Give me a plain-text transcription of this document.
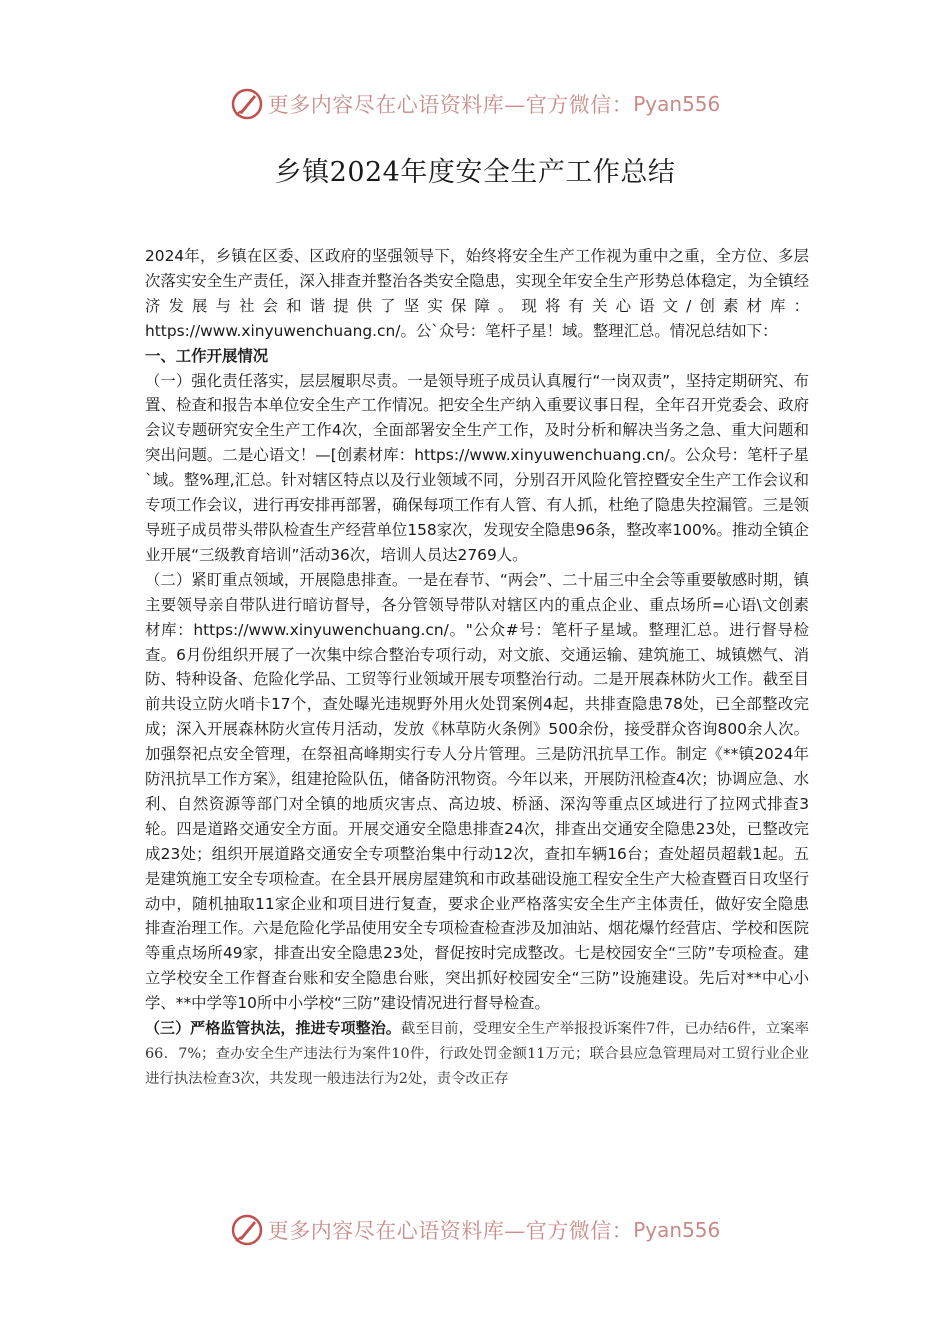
更多内容尽在心语资料库—官方微信： Pyan556
乡镇2024年度安全生产工作总结

2024年，乡镇在区委、区政府的坚强领导下，始终将安全生产工作视为重中之重，全方位、多层次落实安全生产责任，深入排查并整治各类安全隐患，实现全年安全生产形势总体稳定，为全镇经济发展与社会和谐提供了坚实保障。现将有关心语文/创素材库：https://www.xinyuwenchuang.cn/。公`众号：笔杆子星！域。整理汇总。情况总结如下：

一、工作开展情况

（一）强化责任落实，层层履职尽责。一是领导班子成员认真履行“一岗双责”，坚持定期研究、布置、检查和报告本单位安全生产工作情况。把安全生产纳入重要议事日程，全年召开党委会、政府会议专题研究安全生产工作4次，全面部署安全生产工作，及时分析和解决当务之急、重大问题和突出问题。二是心语文！—[创素材库：https://www.xinyuwenchuang.cn/。公众号：笔杆子星`域。整%理,汇总。针对辖区特点以及行业领域不同，分别召开风险化管控暨安全生产工作会议和专项工作会议，进行再安排再部署，确保每项工作有人管、有人抓，杜绝了隐患失控漏管。三是领导班子成员带头带队检查生产经营单位158家次，发现安全隐患96条，整改率100%。推动全镇企业开展“三级教育培训”活动36次，培训人员达2769人。

（二）紧盯重点领域，开展隐患排查。一是在春节、“两会”、二十届三中全会等重要敏感时期，镇主要领导亲自带队进行暗访督导，各分管领导带队对辖区内的重点企业、重点场所=心语\文创素材库：https://www.xinyuwenchuang.cn/。"公众#号：笔杆子星域。整理汇总。进行督导检查。6月份组织开展了一次集中综合整治专项行动，对文旅、交通运输、建筑施工、城镇燃气、消防、特种设备、危险化学品、工贸等行业领域开展专项整治行动。二是开展森林防火工作。截至目前共设立防火哨卡17个，查处曝光违规野外用火处罚案例4起，共排查隐患78处，已全部整改完成；深入开展森林防火宣传月活动，发放《林草防火条例》500余份，接受群众咨询800余人次。加强祭祀点安全管理，在祭祖高峰期实行专人分片管理。三是防汛抗旱工作。制定《**镇2024年防汛抗旱工作方案》，组建抢险队伍，储备防汛物资。今年以来，开展防汛检查4次；协调应急、水利、自然资源等部门对全镇的地质灾害点、高边坡、桥涵、深沟等重点区域进行了拉网式排查3轮。四是道路交通安全方面。开展交通安全隐患排查24次，排查出交通安全隐患23处，已整改完成23处；组织开展道路交通安全专项整治集中行动12次，查扣车辆16台；查处超员超载1起。五是建筑施工安全专项检查。在全县开展房屋建筑和市政基础设施工程安全生产大检查暨百日攻坚行动中，随机抽取11家企业和项目进行复查，要求企业严格落实安全生产主体责任，做好安全隐患排查治理工作。六是危险化学品使用安全专项检查检查涉及加油站、烟花爆竹经营店、学校和医院等重点场所49家，排查出安全隐患23处，督促按时完成整改。七是校园安全“三防”专项检查。建立学校安全工作督查台账和安全隐患台账，突出抓好校园安全“三防”设施建设。先后对**中心小学、**中学等10所中小学校“三防”建设情况进行督导检查。

（三）严格监管执法，推进专项整治。截至目前，受理安全生产举报投诉案件7件，已办结6件，立案率66．7%；查办安全生产违法行为案件10件，行政处罚金额11万元；联合县应急管理局对工贸行业企业进行执法检查3次，共发现一般违法行为2处，责令改正存

更多内容尽在心语资料库—官方微信： Pyan556
